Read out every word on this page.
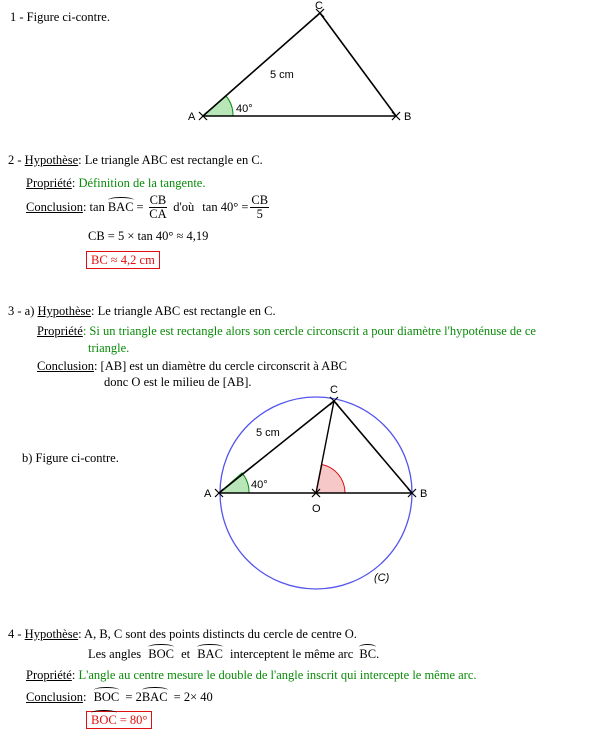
1 - Figure ci-contre.
A	B
C
5 cm
40°
2 - Hypothèse: Le triangle ABC est rectangle en C.
Propriété: Définition de la tangente.
Conclusion : tan BAC = $\frac{CB}{CA}$ d'où $\tan 40^\circ = \frac{CB}{5}$
CB = 5 × tan 40° ≈ 4,19
BC ≈ 4,2 cm
3 - a) Hypothèse: Le triangle ABC est rectangle en C.
Propriété: Si un triangle est rectangle alors son cercle circonscrit a pour diamètre l'hypoténuse de ce
triangle.
Conclusion: [AB] est un diamètre du cercle circonscrit à ABC
donc O est le milieu de [AB].
b) Figure ci-contre.
A	B
C
O
5 cm
40°
(C)
4 - Hypothèse: A, B, C sont des points distincts du cercle de centre O.
Les angles BOC et BAC interceptent le même arc BC.
Propriété: L'angle au centre mesure le double de l'angle inscrit qui intercepte le même arc.
Conclusion: BOC = 2BAC = 2× 40
BOC = 80°
